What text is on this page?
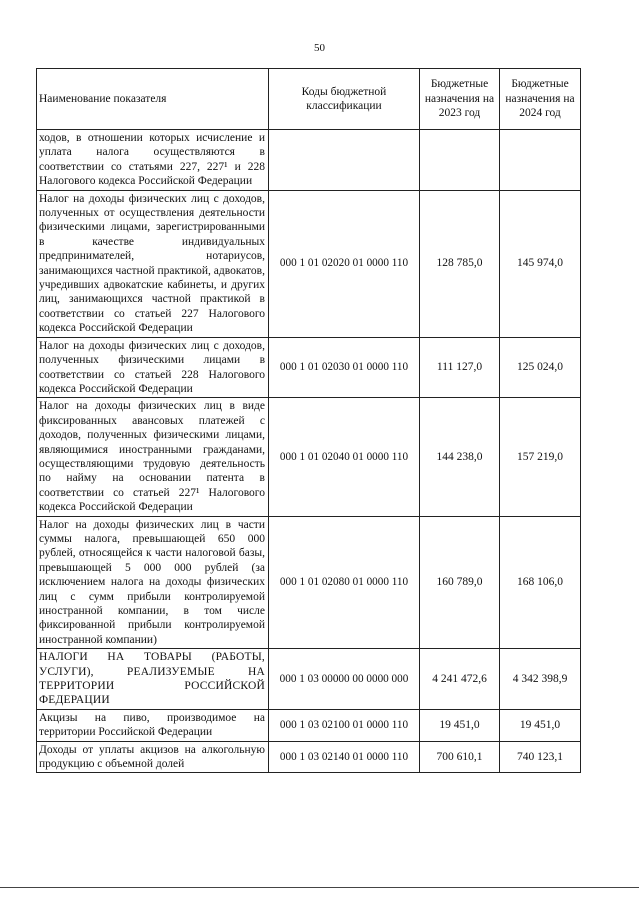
50
Наименование показателя	Коды бюджетной классификации	Бюджетные назначения на 2023 год	Бюджетные назначения на 2024 год
ходов, в отношении которых исчисление и уплата налога осуществляются в соответствии со статьями 227, 227¹ и 228 Налогового кодекса Российской Федерации			
Налог на доходы физических лиц с доходов, полученных от осуществления деятельности физическими лицами, зарегистрированными в качестве индивидуальных предпринимателей, нотариусов, занимающихся частной практикой, адвокатов, учредивших адвокатские кабинеты, и других лиц, занимающихся частной практикой в соответствии со статьей 227 Налогового кодекса Российской Федерации	000 1 01 02020 01 0000 110	128 785,0	145 974,0
Налог на доходы физических лиц с доходов, полученных физическими лицами в соответствии со статьей 228 Налогового кодекса Российской Федерации	000 1 01 02030 01 0000 110	111 127,0	125 024,0
Налог на доходы физических лиц в виде фиксированных авансовых платежей с доходов, полученных физическими лицами, являющимися иностранными гражданами, осуществляющими трудовую деятельность по найму на основании патента в соответствии со статьей 227¹ Налогового кодекса Российской Федерации	000 1 01 02040 01 0000 110	144 238,0	157 219,0
Налог на доходы физических лиц в части суммы налога, превышающей 650 000 рублей, относящейся к части налоговой базы, превышающей 5 000 000 рублей (за исключением налога на доходы физических лиц с сумм прибыли контролируемой иностранной компании, в том числе фиксированной прибыли контролируемой иностранной компании)	000 1 01 02080 01 0000 110	160 789,0	168 106,0
НАЛОГИ НА ТОВАРЫ (РАБОТЫ, УСЛУГИ), РЕАЛИЗУЕМЫЕ НА ТЕРРИТОРИИ РОССИЙСКОЙ ФЕДЕРАЦИИ	000 1 03 00000 00 0000 000	4 241 472,6	4 342 398,9
Акцизы на пиво, производимое на территории Российской Федерации	000 1 03 02100 01 0000 110	19 451,0	19 451,0
Доходы от уплаты акцизов на алкогольную продукцию с объемной долей	000 1 03 02140 01 0000 110	700 610,1	740 123,1
